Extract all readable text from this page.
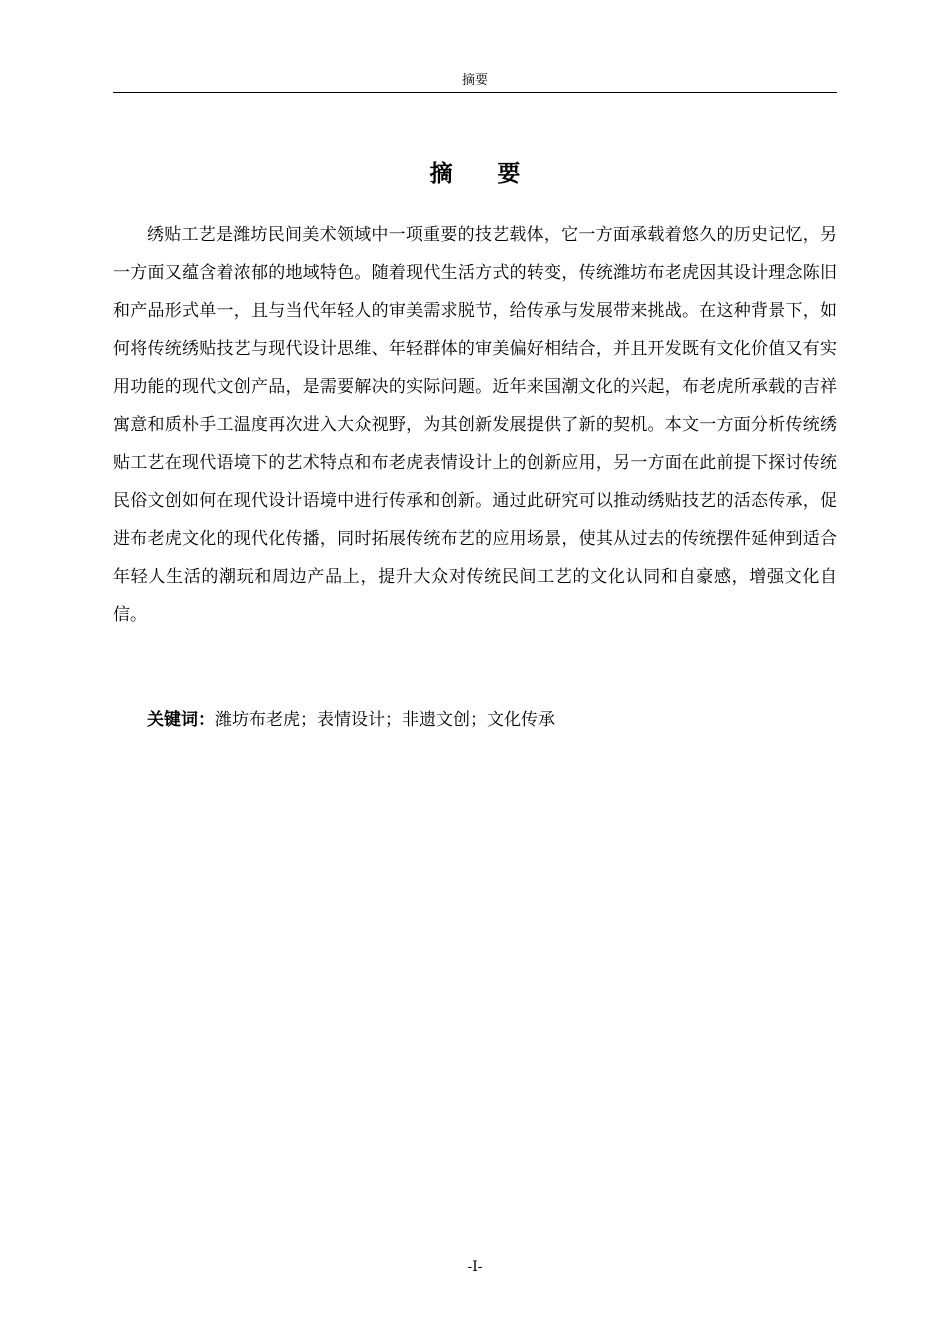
摘要
摘 要

绣贴工艺是潍坊民间美术领域中一项重要的技艺载体，它一方面承载着悠久的历史记忆，另一方面又蕴含着浓郁的地域特色。随着现代生活方式的转变，传统潍坊布老虎因其设计理念陈旧和产品形式单一，且与当代年轻人的审美需求脱节，给传承与发展带来挑战。在这种背景下，如何将传统绣贴技艺与现代设计思维、年轻群体的审美偏好相结合，并且开发既有文化价值又有实用功能的现代文创产品，是需要解决的实际问题。近年来国潮文化的兴起，布老虎所承载的吉祥寓意和质朴手工温度再次进入大众视野，为其创新发展提供了新的契机。本文一方面分析传统绣贴工艺在现代语境下的艺术特点和布老虎表情设计上的创新应用，另一方面在此前提下探讨传统民俗文创如何在现代设计语境中进行传承和创新。通过此研究可以推动绣贴技艺的活态传承，促进布老虎文化的现代化传播，同时拓展传统布艺的应用场景，使其从过去的传统摆件延伸到适合年轻人生活的潮玩和周边产品上，提升大众对传统民间工艺的文化认同和自豪感，增强文化自信。

关键词：潍坊布老虎；表情设计；非遗文创；文化传承

-I-
